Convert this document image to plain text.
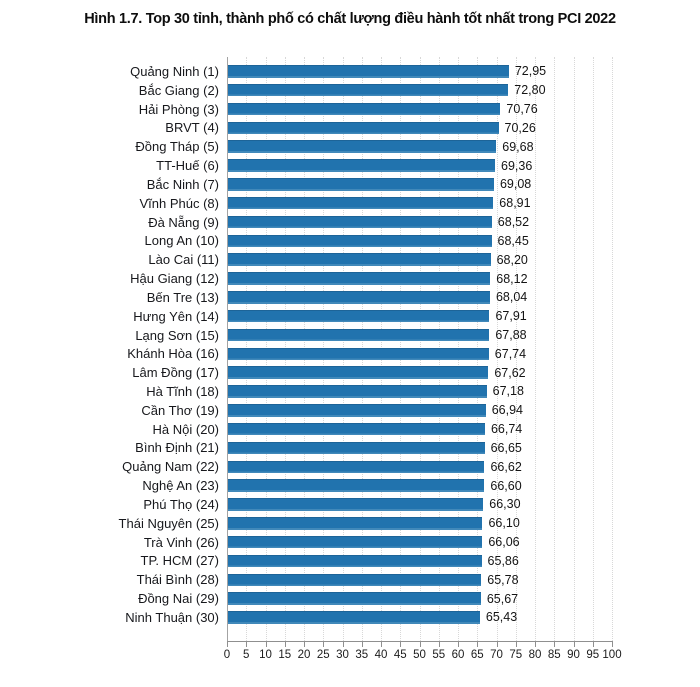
Hình 1.7. Top 30 tỉnh, thành phố có chất lượng điều hành tốt nhất trong PCI 2022
Quảng Ninh (1)	72,95
Bắc Giang (2)	72,80
Hải Phòng (3)	70,76
BRVT (4)	70,26
Đồng Tháp (5)	69,68
TT-Huế (6)	69,36
Bắc Ninh (7)	69,08
Vĩnh Phúc (8)	68,91
Đà Nẵng (9)	68,52
Long An (10)	68,45
Lào Cai (11)	68,20
Hậu Giang (12)	68,12
Bến Tre (13)	68,04
Hưng Yên (14)	67,91
Lạng Sơn (15)	67,88
Khánh Hòa (16)	67,74
Lâm Đồng (17)	67,62
Hà Tĩnh (18)	67,18
Cần Thơ (19)	66,94
Hà Nội (20)	66,74
Bình Định (21)	66,65
Quảng Nam (22)	66,62
Nghệ An (23)	66,60
Phú Thọ (24)	66,30
Thái Nguyên (25)	66,10
Trà Vinh (26)	66,06
TP. HCM (27)	65,86
Thái Bình (28)	65,78
Đồng Nai (29)	65,67
Ninh Thuận (30)	65,43
0 5 10 15 20 25 30 35 40 45 50 55 60 65 70 75 80 85 90 95 100
